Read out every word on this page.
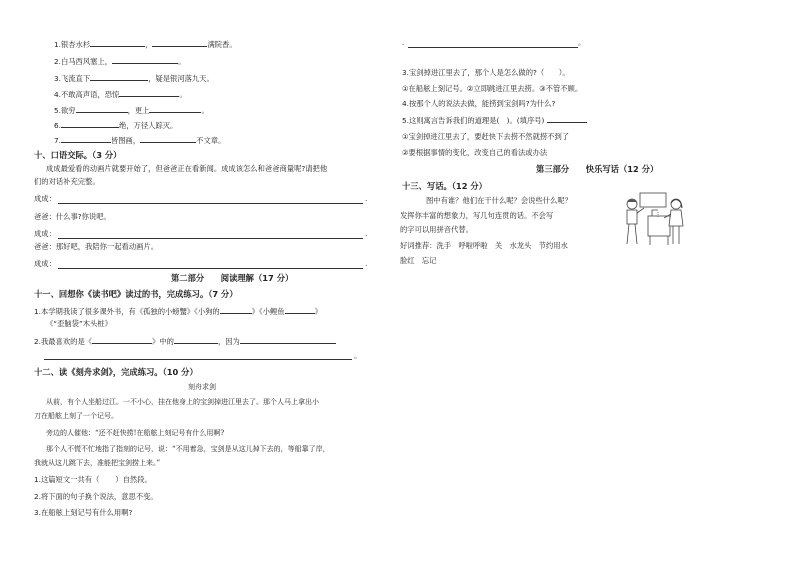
1.银杏水杉	，	满院香。
2.白马西风塞上，	。
3.飞流直下	，疑是银河落九天。
4.不敢高声语，恐惊	。
5.欲穷	，更上	。
6.	绝，万径人踪灭。
7.	皆图画，	不文章。
十、口语交际。（3 分）
成成最爱看的动画片就要开始了，但爸爸正在看新闻。成成该怎么和爸爸商量呢?请把他
们的对话补充完整。
成成：	.
爸爸：什么事?你说吧。
成成：	.
爸爸：那好吧，我陪你一起看动画片。
成成：	.
第二部分　　阅读理解（17 分）
十一、回想你《读书吧》读过的书，完成练习。（7 分）
1.本学期我读了很多课外书，有《孤独的小螃蟹》《小狗的	》《小鲤鱼	》
《“歪脑袋”木头桩》
2.我最喜欢的是《	》中的	，因为
。
十二、读《刻舟求剑》，完成练习。（10 分）
刻舟求剑
从前，有个人坐船过江。一不小心，挂在他身上的宝剑掉进江里去了。那个人马上拿出小
刀在船舷上刻了一个记号。
旁边的人催他：“还不赶快捞!在船舷上刻记号有什么用啊?
那个人不慌不忙地指了指刻的记号，说：“不用着急，宝剑是从这儿掉下去的，等船靠了岸，
我就从这儿跳下去，准能把宝剑捞上来。”
1.这篇短文一共有（ ）自然段。
2.将下面的句子换个说法，意思不变。
3.在船舷上刻记号有什么用啊?
.	。
3.宝剑掉进江里去了，那个人是怎么做的?（　　）。
①在船舷上刻记号。②立即跳进江里去捞。③不管不顾。
4.按那个人的说法去做，能捞到宝剑吗?为什么?
5.这则寓言告诉我们的道理是(　)。(填序号)
①宝剑掉进江里去了，要赶快下去捞不然就捞不到了
②要根据事情的变化，改变自己的看法或办法
第三部分　　快乐写话（12 分）
十三、写话。（12 分）
图中有谁？他们在干什么呢？会说些什么呢？
发挥你丰富的想象力，写几句连贯的话。不会写
的字可以用拼音代替。
好词推荐：洗手　呼啦呼啦　关　水龙头　节约用水
脸红　忘记
